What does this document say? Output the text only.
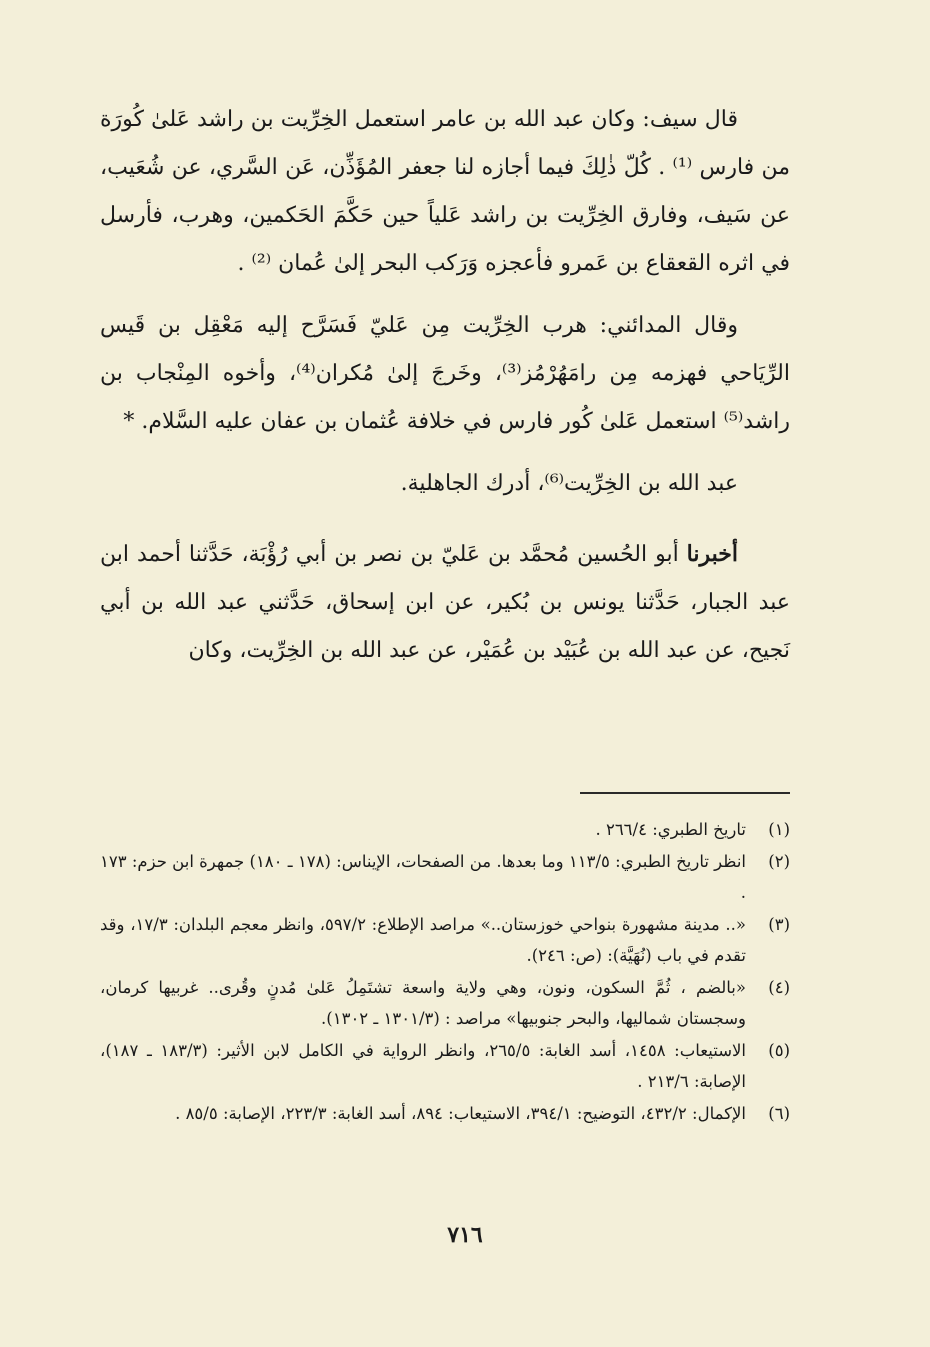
قال سيف: وكان عبد الله بن عامر استعمل الخِرِّيت بن راشد عَلىٰ كُورَة من فارس ⁽¹⁾ . كُلّ ذٰلِكَ فيما أجازه لنا جعفر المُؤَذِّن، عَن السَّري، عن شُعَيب، عن سَيف، وفارق الخِرِّيت بن راشد عَلياً حين حَكَّمَ الحَكمين، وهرب، فأرسل في اثره القعقاع بن عَمرو فأعجزه وَرَكب البحر إلىٰ عُمان ⁽²⁾ .

وقال المدائني: هرب الخِرِّيت مِن عَليّ فَسَرَّح إليه مَعْقِل بن قَيس الرِّيَاحي فهزمه مِن رامَهُرْمُز⁽³⁾، وخَرجَ إلىٰ مُكران⁽⁴⁾، وأخوه المِنْجاب بن راشد⁽⁵⁾ استعمل عَلىٰ كُور فارس في خلافة عُثمان بن عفان عليه السَّلام. *

عبد الله بن الخِرِّيت⁽⁶⁾، أدرك الجاهلية.

أخبرنا أبو الحُسين مُحمَّد بن عَليّ بن نصر بن أبي رُؤْبَة، حَدَّثنا أحمد ابن عبد الجبار، حَدَّثنا يونس بن بُكير، عن ابن إسحاق، حَدَّثني عبد الله بن أبي نَجيح، عن عبد الله بن عُبَيْد بن عُمَيْر، عن عبد الله بن الخِرِّيت، وكان

(١)
تاريخ الطبري: ٢٦٦/٤ .
(٢)
انظر تاريخ الطبري: ١١٣/٥ وما بعدها. من الصفحات، الإيناس: (١٧٨ ـ ١٨٠) جمهرة ابن حزم: ١٧٣ .
(٣)
«.. مدينة مشهورة بنواحي خوزستان..» مراصد الإطلاع: ٥٩٧/٢، وانظر معجم البلدان: ١٧/٣، وقد تقدم في باب (نُهَيَّة): (ص: ٢٤٦).
(٤)
«بالضم ، ثُمَّ السكون، ونون، وهي ولاية واسعة تشتَمِلُ عَلىٰ مُدنٍ وقُرى.. غربيها كرمان، وسجستان شماليها، والبحر جنوبيها» مراصد : (١٣٠١/٣ ـ ١٣٠٢).
(٥)
الاستيعاب: ١٤٥٨، أسد الغابة: ٢٦٥/٥، وانظر الرواية في الكامل لابن الأثير: (١٨٣/٣ ـ ١٨٧)، الإصابة: ٢١٣/٦ .
(٦)
الإكمال: ٤٣٢/٢، التوضيح: ٣٩٤/١، الاستيعاب: ٨٩٤، أسد الغابة: ٢٢٣/٣، الإصابة: ٨٥/٥ .
٧١٦
